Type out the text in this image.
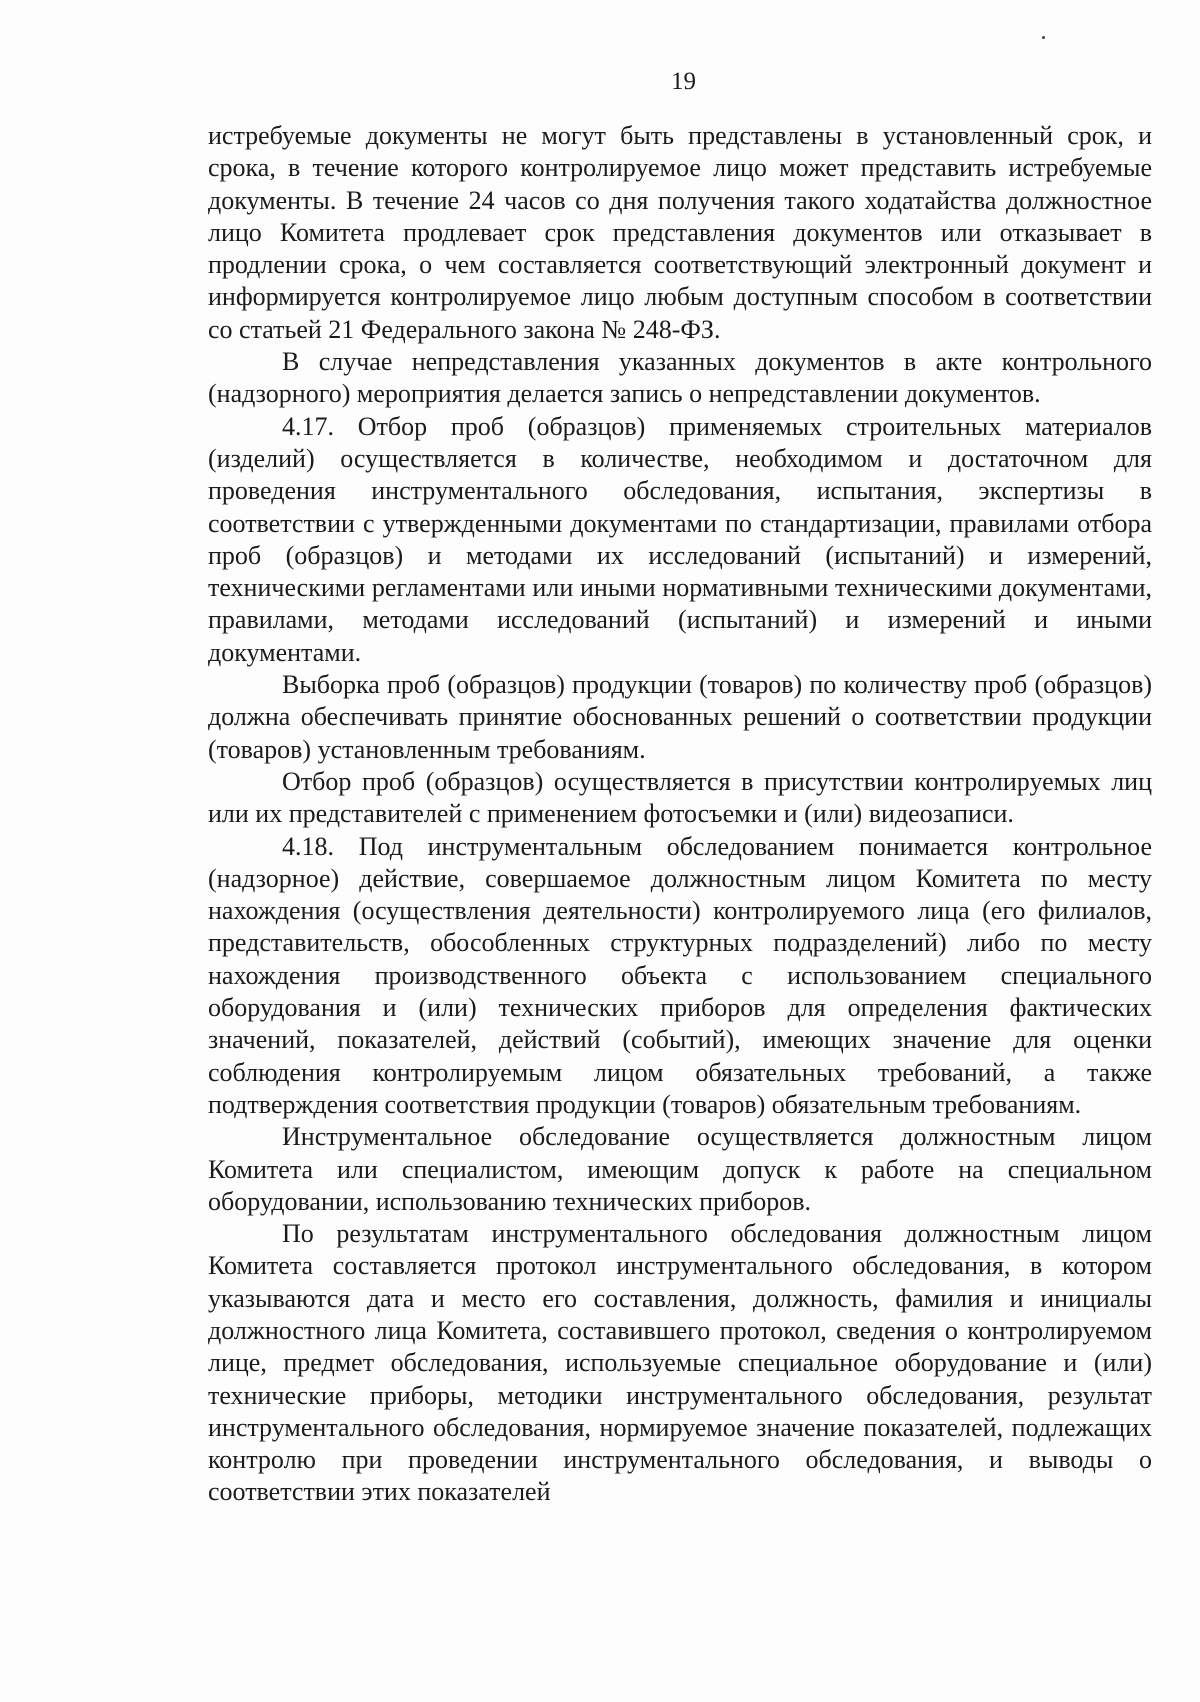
19

истребуемые документы не могут быть представлены в установленный срок, и срока, в течение которого контролируемое лицо может представить истребуемые документы. В течение 24 часов со дня получения такого ходатайства должностное лицо Комитета продлевает срок представления документов или отказывает в продлении срока, о чем составляется соответствующий электронный документ и информируется контролируемое лицо любым доступным способом в соответствии со статьей 21 Федерального закона № 248-ФЗ.

В случае непредставления указанных документов в акте контрольного (надзорного) мероприятия делается запись о непредставлении документов.

4.17. Отбор проб (образцов) применяемых строительных материалов (изделий) осуществляется в количестве, необходимом и достаточном для проведения инструментального обследования, испытания, экспертизы в соответствии с утвержденными документами по стандартизации, правилами отбора проб (образцов) и методами их исследований (испытаний) и измерений, техническими регламентами или иными нормативными техническими документами, правилами, методами исследований (испытаний) и измерений и иными документами.

Выборка проб (образцов) продукции (товаров) по количеству проб (образцов) должна обеспечивать принятие обоснованных решений о соответствии продукции (товаров) установленным требованиям.

Отбор проб (образцов) осуществляется в присутствии контролируемых лиц или их представителей с применением фотосъемки и (или) видеозаписи.

4.18. Под инструментальным обследованием понимается контрольное (надзорное) действие, совершаемое должностным лицом Комитета по месту нахождения (осуществления деятельности) контролируемого лица (его филиалов, представительств, обособленных структурных подразделений) либо по месту нахождения производственного объекта с использованием специального оборудования и (или) технических приборов для определения фактических значений, показателей, действий (событий), имеющих значение для оценки соблюдения контролируемым лицом обязательных требований, а также подтверждения соответствия продукции (товаров) обязательным требованиям.

Инструментальное обследование осуществляется должностным лицом Комитета или специалистом, имеющим допуск к работе на специальном оборудовании, использованию технических приборов.

По результатам инструментального обследования должностным лицом Комитета составляется протокол инструментального обследования, в котором указываются дата и место его составления, должность, фамилия и инициалы должностного лица Комитета, составившего протокол, сведения о контролируемом лице, предмет обследования, используемые специальное оборудование и (или) технические приборы, методики инструментального обследования, результат инструментального обследования, нормируемое значение показателей, подлежащих контролю при проведении инструментального обследования, и выводы о соответствии этих показателей
